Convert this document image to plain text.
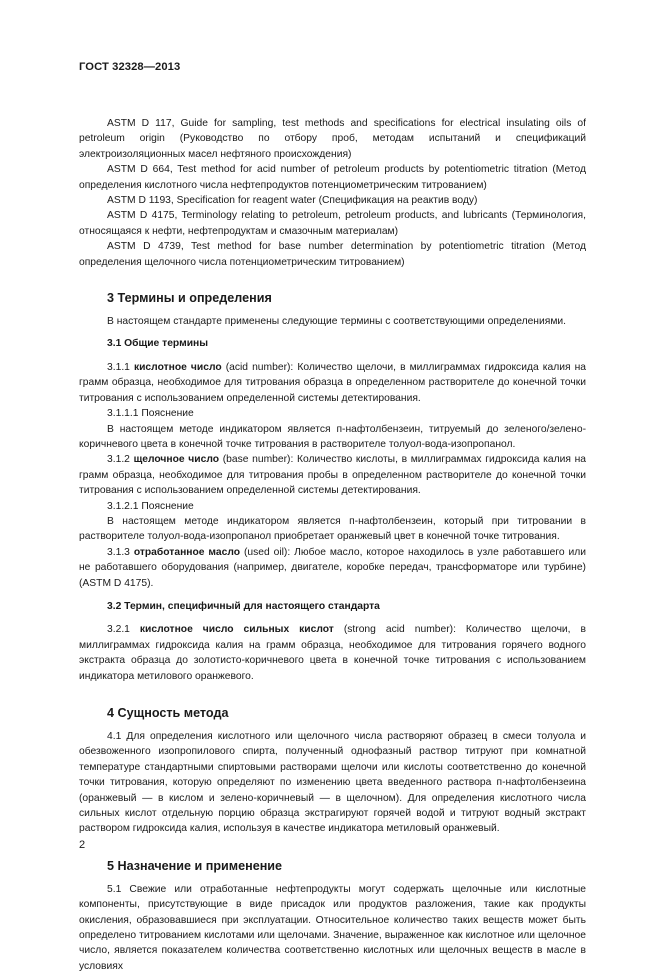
ГОСТ 32328—2013

ASTM D 117, Guide for sampling, test methods and specifications for electrical insulating oils of petroleum origin (Руководство по отбору проб, методам испытаний и спецификаций электроизоляционных масел нефтяного происхождения)

ASTM D 664, Test method for acid number of petroleum products by potentiometric titration (Метод определения кислотного числа нефтепродуктов потенциометрическим титрованием)

ASTM D 1193, Specification for reagent water (Спецификация на реактив воду)

ASTM D 4175, Terminology relating to petroleum, petroleum products, and lubricants (Терминология, относящаяся к нефти, нефтепродуктам и смазочным материалам)

ASTM D 4739, Test method for base number determination by potentiometric titration (Метод определения щелочного числа потенциометрическим титрованием)

3 Термины и определения

В настоящем стандарте применены следующие термины с соответствующими определениями.

3.1 Общие термины

3.1.1 кислотное число (acid number): Количество щелочи, в миллиграммах гидроксида калия на грамм образца, необходимое для титрования образца в определенном растворителе до конечной точки титрования с использованием определенной системы детектирования.

3.1.1.1 Пояснение

В настоящем методе индикатором является п-нафтолбензеин, титруемый до зеленого/зелено-коричневого цвета в конечной точке титрования в растворителе толуол-вода-изопропанол.

3.1.2 щелочное число (base number): Количество кислоты, в миллиграммах гидроксида калия на грамм образца, необходимое для титрования пробы в определенном растворителе до конечной точки титрования с использованием определенной системы детектирования.

3.1.2.1 Пояснение

В настоящем методе индикатором является п-нафтолбензеин, который при титровании в растворителе толуол-вода-изопропанол приобретает оранжевый цвет в конечной точке титрования.

3.1.3 отработанное масло (used oil): Любое масло, которое находилось в узле работавшего или не работавшего оборудования (например, двигателе, коробке передач, трансформаторе или турбине) (ASTM D 4175).

3.2 Термин, специфичный для настоящего стандарта

3.2.1 кислотное число сильных кислот (strong acid number): Количество щелочи, в миллиграммах гидроксида калия на грамм образца, необходимое для титрования горячего водного экстракта образца до золотисто-коричневого цвета в конечной точке титрования с использованием индикатора метилового оранжевого.

4 Сущность метода

4.1 Для определения кислотного или щелочного числа растворяют образец в смеси толуола и обезвоженного изопропилового спирта, полученный однофазный раствор титруют при комнатной температуре стандартными спиртовыми растворами щелочи или кислоты соответственно до конечной точки титрования, которую определяют по изменению цвета введенного раствора п-нафтолбензеина (оранжевый — в кислом и зелено-коричневый — в щелочном). Для определения кислотного числа сильных кислот отдельную порцию образца экстрагируют горячей водой и титруют водный экстракт раствором гидроксида калия, используя в качестве индикатора метиловый оранжевый.

5 Назначение и применение

5.1 Свежие или отработанные нефтепродукты могут содержать щелочные или кислотные компоненты, присутствующие в виде присадок или продуктов разложения, такие как продукты окисления, образовавшиеся при эксплуатации. Относительное количество таких веществ может быть определено титрованием кислотами или щелочами. Значение, выраженное как кислотное или щелочное число, является показателем количества соответственно кислотных или щелочных веществ в масле в условиях

2
